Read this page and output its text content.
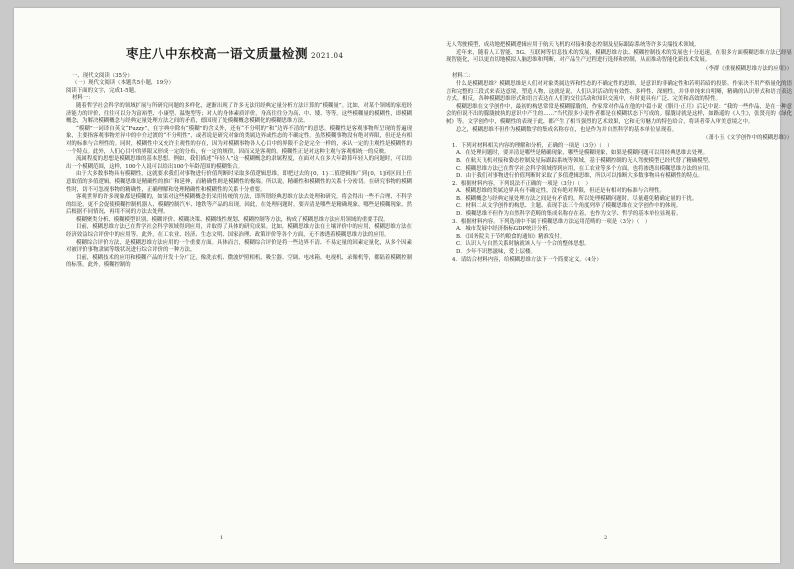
枣庄八中东校高一语文质量检测 2021.04

一、现代文阅读（35分）

（一）现代文阅读（本题共5小题，19分）

阅读下面的文字，完成1-5题。

材料一：

随着哲学社会科学的领域扩展与所研究问题的多样化，逐渐出现了许多无法用经典定量分析方法计算的“模糊量”。比如，对某个领域的家庭经济能力的评价，往往可以分为富裕型、小康型、温饱型等；对人的身体素质评价，身高往往分为高、中、矮、等等。这些模糊量的模糊性，即模糊概念，为解决模糊概念与经典定量处理方法之间的矛盾，德国现了处模糊概念模糊化的模糊思维方法。

“模糊”一词译自英文“Fuzzy”，在字典中除有“模糊”的含义外，还有“不分明的”和“边界不清的”的意思。模糊性是客观事物所呈现的普遍现象，主要指客观事物差异中的中介过渡的“不分明性”，或者说是研究对象的类属边界或性态的不确定性。虽然模糊事物没有绝对界限，但还是有相对的标准与合理性的。同时，模糊性中又充许主观性的存在，因为对模糊事物各人心目中的界限不会是完全一样的，承认一定的主观性是模糊性的一个特点。此外，人们心目中的界限又形成一定的分布，有一定的规律，因而又是客观的。模糊性正是对这种主观与客观相统一的反映。

流属程度的思想是模糊思维的基本思想。例如，我们描述“年轻人”这一模糊概念的隶属程度，在面对人在多大年龄算年轻人的问题时，可以给出一个模糊范围，这样，100个人说可以给出100个年龄范围的模糊集合。

由于大多数事物具有模糊性，这就要求我们对事物进行价值判断时采取多值逻辑思维，即把过去的{0，1}二值逻辑推广到{0，1]闭区间上任意取值的多值逻辑。模糊思维是精确性的推广和延伸，而精确性则是模糊性的极端。所以说，精确性和模糊性的关系十分密切。在研究事物的模糊性时，切不可忽视事物的精确性，正确理解和处理精确性和模糊性的关系十分重要。

客观世界的许多现象都是模糊的，如果对这些模糊概念仍采用传统的方法，即所谓经典思维方法去处理和研究，将会得出一些不合理、不科学的结论，更不会促使模糊控制机器人、模糊控制汽车、地铁等产品的出现。因此，在处理问题时，要弄清是哪些是精确现象，哪些是模糊现象，然后根据不同情况，再用不同的方法去处理。

模糊聚类分析、模糊模型识别、模糊评价、模糊决策、模糊线性规划、模糊控制等方法，构成了模糊思维方法应用领域的重要手段。

目前，模糊思维方法已在哲学社会科学领域得到应用，并取得了具体的研究成果。比如，模糊思维方法在土壤评价中的应用，模糊思维方法在经济效益综合评价中的应用等。此外，在工农业、经济、生态文明、国家治理、政策评价等各个方面，无不渗透着模糊思维方法的应用。

模糊综合评价方法，是模糊思维方法应用的一个重要方面。具体而言，模糊综合评价是将一些边界不清、不易定量的因素定量化，从多个因素对被评价事物隶属等级状况进行综合评价的一种方法。

目前，模糊技术的应用和模糊产品的开发十分广泛，像洗衣机、微波炉照相机、吸尘器、空调、电冰箱、电视机、录像机等，都陆着模糊控制的标签。此外，模糊控制的

无人驾驶模型，成功地把模糊逻辑应用于航天飞机的对接和姿态控制及星际跟踪系统等许多尖端技术领域。

近年来，随着人工智能、5G、互联网等信息技术的发展，模糊思维方法、模糊控制技术的发展也十分迅速，在很多方面模糊思维方法已经显现智能化，可以更直切地模拟人脑思维和判断，对产品生产过程进行选择和控制，从而推动智能化新技术发展。

（李群《重视模糊思维方法的应用》）

材料二：

什么是模糊思维？模糊思维是人们对对象类属边界和性态的不确定性的思维，是意识的非确定性和若明若暗的投影。作家决不用严格量化的语言和完整的三段式来表达意境，塑造人物，这就是说，人们认识活动的有效性、多样性、深刻性，并非单纯来自明晰，精确的认识形式和语言表达方式。相反，各种模糊思维形式和语言表达在人们的交往活动和知识交流中，有时更具有广泛、完美和高效的特性。

模糊思维在文学创作中，最初的构思常常是模糊朦胧的，作家常对作品在他的中篇小说《腊月·正月》后记中说：“我的一些作品，是在一种意会的但说不出的朦胧披执的意识中产生的……”当代很多小说作者都是在模糊状态下写成的。朦胧诗就是这样，如路遥的《人生》，张贤亮的《绿化树》等。文学创作中，模糊性的表现于此，都产生了相当强烈的艺术效果，它和无穷魅力的特色给合，将读者带入审美意境之中。

总之，模糊思维不但作为模糊数学的集成名称存在，也是作为并自然科学的基本单位显现着。

（萧小玉《文学创作中的模糊思维》）

1．下列对材料相关内容的理解和分析，正确的一项是（3分）（　）

A．在处理问题时，要弄清是哪些是精确现象，哪些是模糊现象，如果是模糊问题可以用经典思维去处理。

B．在航天飞机对接和姿态控制及星际跟踪系统等领域，基于模糊控制的无人驾驶模型已经代替了精确模型。

C．模糊思维方法已在哲学社会科学领域得到应用，在工农业等多个方面，也将渗透出模糊思维方法的应用。

D．由于我们对事物进行价值判断时采取了多值逻辑思维，所以可以推断大多数事物具有模糊性的特点。

2．根据材料内容，下列说法不正确的一项是（3分）（　）

A．模糊思维的类属边界具有不确定性，没有绝对界限，但还是有相对的标准与合理性。

B．模糊概念与经典定量处理方法之间是有矛盾的，所以处理模糊问题时，尽量避免精确定量的干扰。

C．材料二从文学创作的构思、主题、表现手法三个角度列举了模糊思维在文学创作中的体现。

D．模糊思维不但作为自然科学范畴的集成名称存在着，也作为文学、哲学的基本单位显现着。

3．根据材料内容，下列选项中不属于模糊思维方法运用范畴的一项是（3分）（　）

A．城市发展中经济指标GDP统计分析。

B．《国务院关于节约粮食的通知》精准发付。

C．认识人与自然关系时脑就该人与一个合的整体思想。

D．少年不识愁滋味，爱上层楼。

4．请结合材料内容，给模糊思维方法下一个简要定义。（4分）

1	2
